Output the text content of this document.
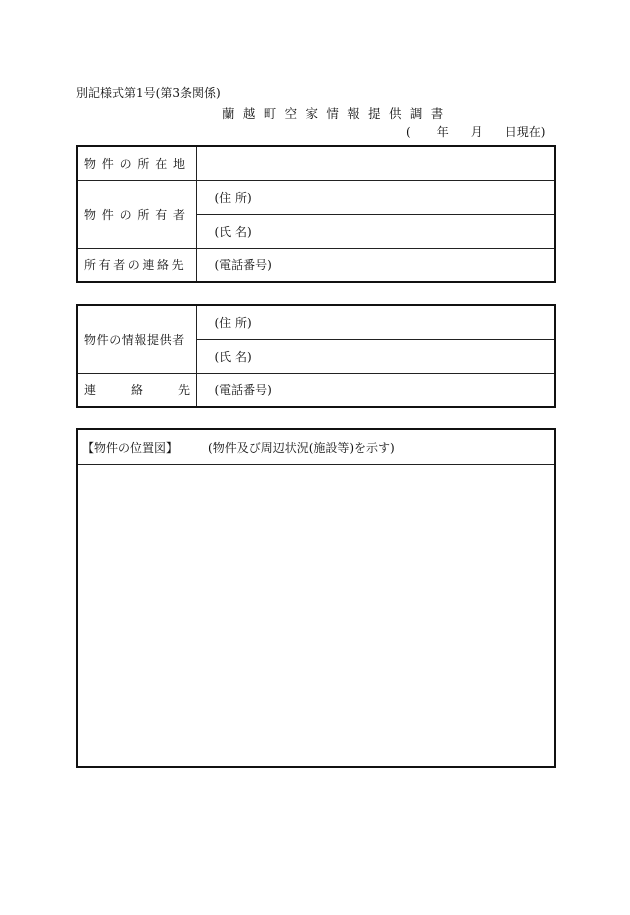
別記様式第1号(第3条関係)
蘭 越 町 空 家 情 報 提 供 調 書
( 年 月 日現在)
物件の所在地	
物件の所有者	(住 所)
	(氏 名)
所有者の連絡先	(電話番号)
物件の情報提供者	(住 所)
	(氏 名)

連 絡 先	(電話番号)
【物件の位置図】	(物件及び周辺状況(施設等)を示す)
